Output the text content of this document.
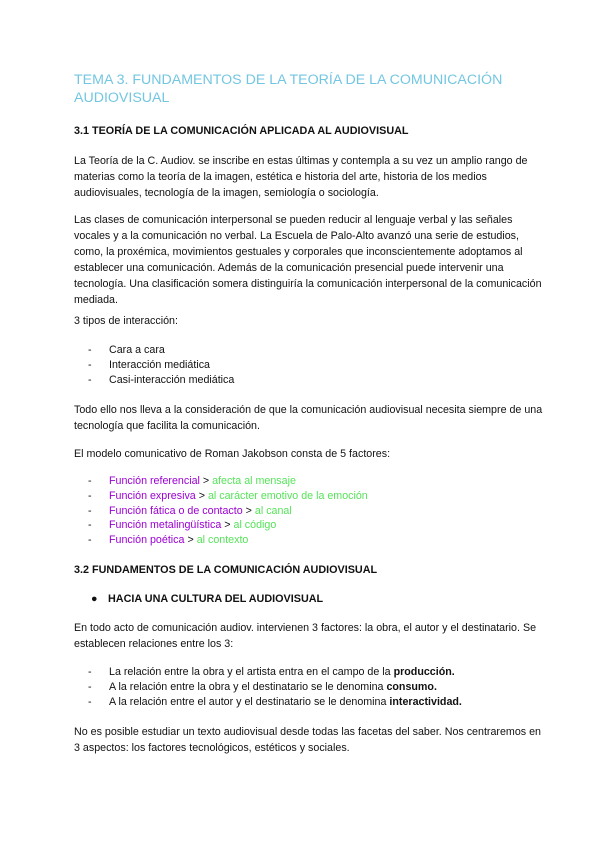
TEMA 3. FUNDAMENTOS DE LA TEORÍA DE LA COMUNICACIÓN AUDIOVISUAL
3.1 TEORÍA DE LA COMUNICACIÓN APLICADA AL AUDIOVISUAL
La Teoría de la C. Audiov. se inscribe en estas últimas y contempla a su vez un amplio rango de materias como la teoría de la imagen, estética e historia del arte, historia de los medios audiovisuales, tecnología de la imagen, semiología o sociología.
Las clases de comunicación interpersonal se pueden reducir al lenguaje verbal y las señales vocales y a la comunicación no verbal. La Escuela de Palo-Alto avanzó una serie de estudios, como, la proxémica, movimientos gestuales y corporales que inconscientemente adoptamos al establecer una comunicación. Además de la comunicación presencial puede intervenir una tecnología. Una clasificación somera distinguiría la comunicación interpersonal de la comunicación mediada.
3 tipos de interacción:
-	Cara a cara
-	Interacción mediática
-	Casi-interacción mediática
Todo ello nos lleva a la consideración de que la comunicación audiovisual necesita siempre de una tecnología que facilita la comunicación.
El modelo comunicativo de Roman Jakobson consta de 5 factores:
-	Función referencial > afecta al mensaje
-	Función expresiva > al carácter emotivo de la emoción
-	Función fática o de contacto > al canal
-	Función metalingüística > al código
-	Función poética > al contexto
3.2 FUNDAMENTOS DE LA COMUNICACIÓN AUDIOVISUAL
● HACIA UNA CULTURA DEL AUDIOVISUAL
En todo acto de comunicación audiov. intervienen 3 factores: la obra, el autor y el destinatario. Se establecen relaciones entre los 3:
-	La relación entre la obra y el artista entra en el campo de la producción.
-	A la relación entre la obra y el destinatario se le denomina consumo.
-	A la relación entre el autor y el destinatario se le denomina interactividad.
No es posible estudiar un texto audiovisual desde todas las facetas del saber. Nos centraremos en 3 aspectos: los factores tecnológicos, estéticos y sociales.
